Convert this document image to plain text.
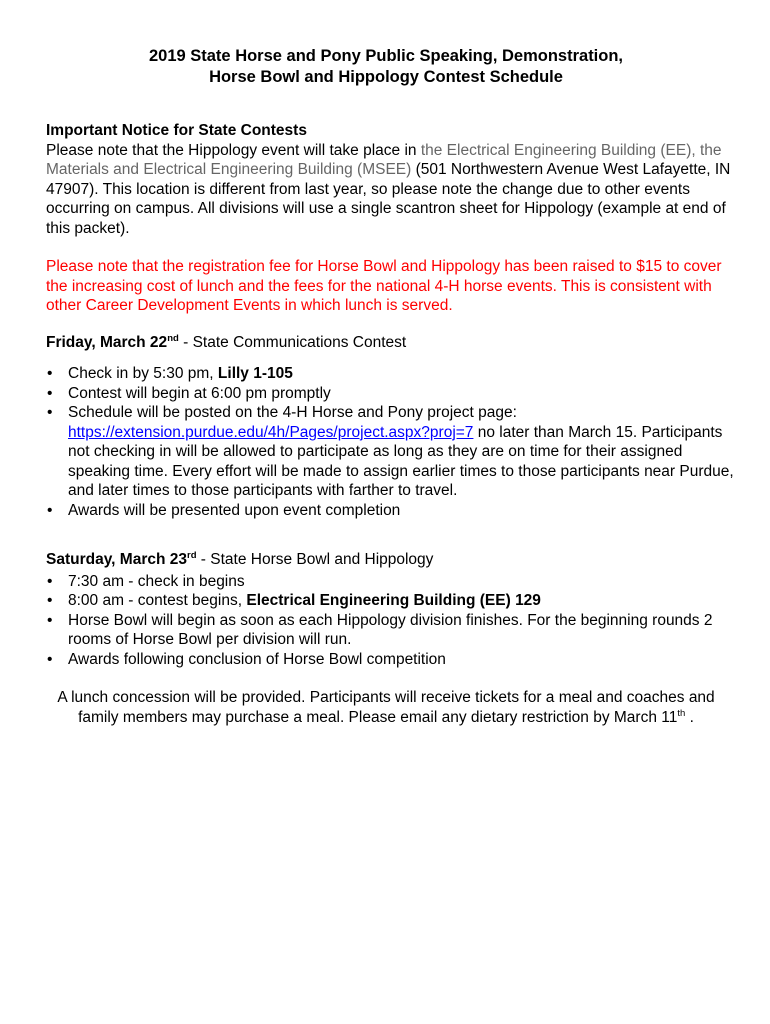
2019 State Horse and Pony Public Speaking, Demonstration,
Horse Bowl and Hippology Contest Schedule
Important Notice for State Contests
Please note that the Hippology event will take place in the Electrical Engineering Building (EE), the Materials and Electrical Engineering Building (MSEE) (501 Northwestern Avenue West Lafayette, IN 47907). This location is different from last year, so please note the change due to other events occurring on campus. All divisions will use a single scantron sheet for Hippology (example at end of this packet).
Please note that the registration fee for Horse Bowl and Hippology has been raised to $15 to cover the increasing cost of lunch and the fees for the national 4-H horse events. This is consistent with other Career Development Events in which lunch is served.
Friday, March 22nd - State Communications Contest
•	Check in by 5:30 pm, Lilly 1-105
•	Contest will begin at 6:00 pm promptly
•	Schedule will be posted on the 4-H Horse and Pony project page: https://extension.purdue.edu/4h/Pages/project.aspx?proj=7 no later than March 15. Participants not checking in will be allowed to participate as long as they are on time for their assigned speaking time. Every effort will be made to assign earlier times to those participants near Purdue, and later times to those participants with farther to travel.
•	Awards will be presented upon event completion
Saturday, March 23rd - State Horse Bowl and Hippology
•	7:30 am - check in begins
•	8:00 am - contest begins, Electrical Engineering Building (EE) 129
•	Horse Bowl will begin as soon as each Hippology division finishes. For the beginning rounds 2 rooms of Horse Bowl per division will run.
•	Awards following conclusion of Horse Bowl competition
A lunch concession will be provided. Participants will receive tickets for a meal and coaches and family members may purchase a meal. Please email any dietary restriction by March 11th .
